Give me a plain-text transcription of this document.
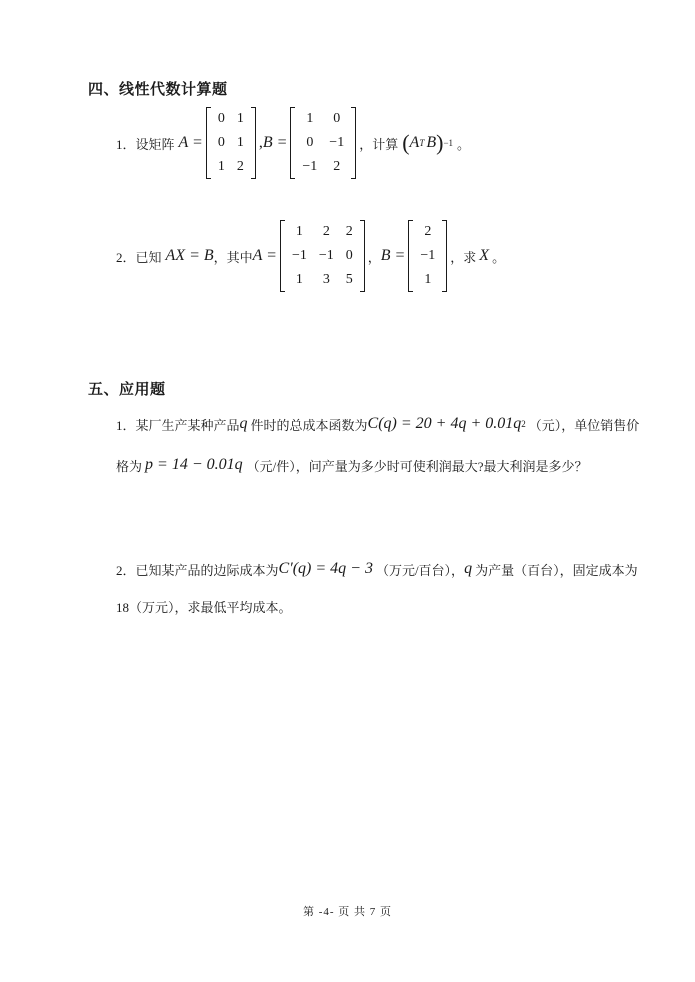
四、线性代数计算题
1． 设矩阵 A =
0	1
0	1
1	2
, B =
1	0
0	−1
−1	2
，计算 ( A T B ) −1 。
2． 已知 AX = B ，其中 A =
1	2	2
−1	−1	0
1	3	5
， B =
2
−1
1
，求 X 。
五、应用题
1．某厂生产某种产品 q 件时的总成本函数为 C(q) = 20 + 4q + 0.01q 2 （元），单位销售价
格为 p = 14 − 0.01q （元/件），问产量为多少时可使利润最大?最大利润是多少？
2．已知某产品的边际成本为 C′(q) = 4q − 3 （万元/百台）， q 为产量（百台），固定成本为
18（万元），求最低平均成本。
第 -4- 页 共 7 页
